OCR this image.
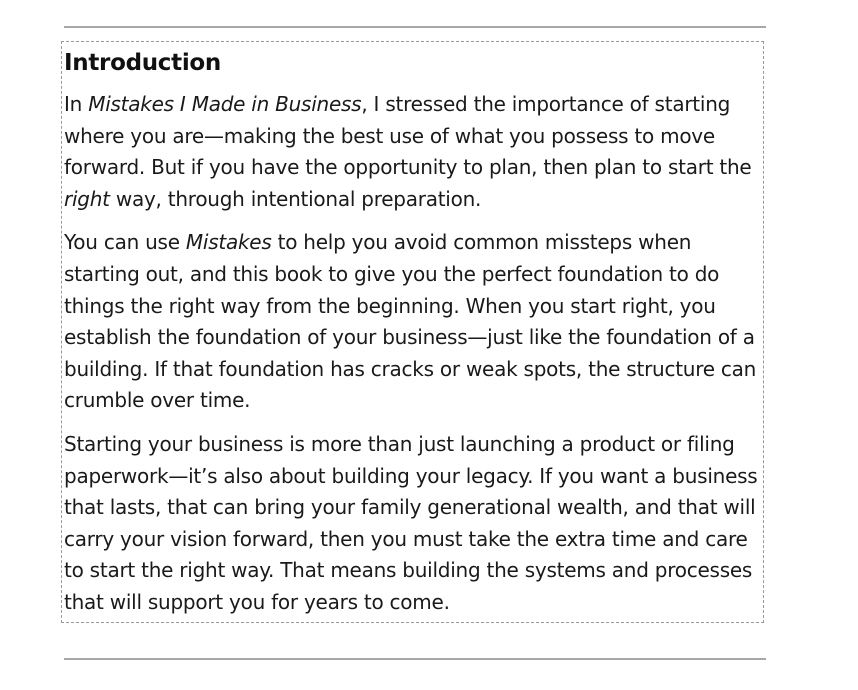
Introduction

In Mistakes I Made in Business, I stressed the importance of starting where you are—making the best use of what you possess to move forward. But if you have the opportunity to plan, then plan to start the right way, through intentional preparation.

You can use Mistakes to help you avoid common missteps when starting out, and this book to give you the perfect foundation to do things the right way from the beginning. When you start right, you establish the foundation of your business—just like the foundation of a building. If that foundation has cracks or weak spots, the structure can crumble over time.

Starting your business is more than just launching a product or filing paperwork—it’s also about building your legacy. If you want a business that lasts, that can bring your family generational wealth, and that will carry your vision forward, then you must take the extra time and care to start the right way. That means building the systems and processes that will support you for years to come.
